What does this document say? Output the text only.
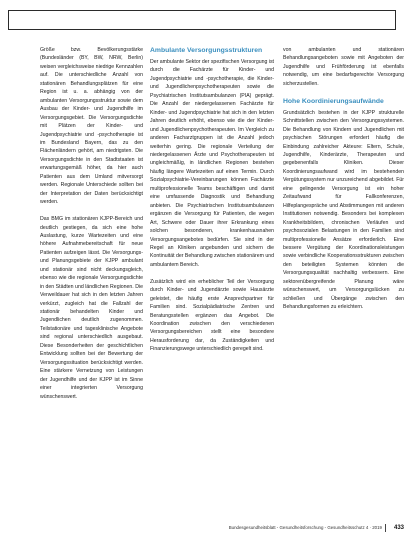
Größe bzw. Bevölkerungsstärke (Bundesländer (BY, BW, NRW, Berlin) weisen vergleichsweise niedrige Kennzahlen auf. Die unterschiedliche Anzahl von stationären Behandlungsplätzen für eine Region ist u. a. abhängig von der ambulanten Versorgungsstruktur sowie dem Ausbau der Kinder- und Jugendhilfe im Versorgungsgebiet. Die Versorgungsdichte mit Plätzen der Kinder- und Jugendpsychiatrie und -psychotherapie ist im Bundesland Bayern, das zu den Flächenländern gehört, am niedrigsten. Die Versorgungsdichte in den Stadtstaaten ist erwartungsgemäß höher, da hier auch Patienten aus dem Umland mitversorgt werden. Regionale Unterschiede sollten bei der Interpretation der Daten berücksichtigt werden.

Das BMG im stationären KJPP-Bereich und deutlich gestiegen, da sich eine hohe Auslastung, kurze Wartezeiten und eine höhere Aufnahmebereitschaft für neue Patienten aufzeigen lässt. Die Versorgungs- und Planungsgebiete der KJPP ambulant und stationär sind nicht deckungsgleich, ebenso wie die regionale Versorgungsdichte in den Städten und ländlichen Regionen. Die Verweildauer hat sich in den letzten Jahren verkürzt, zugleich hat die Fallzahl der stationär behandelten Kinder und Jugendlichen deutlich zugenommen. Teilstationäre und tagesklinische Angebote sind regional unterschiedlich ausgebaut. Diese Besonderheiten der geschichtlichen Entwicklung sollten bei der Bewertung der Versorgungssituation berücksichtigt werden. Eine stärkere Vernetzung von Leistungen der Jugendhilfe und der KJPP ist im Sinne einer integrierten Versorgung wünschenswert.

Ambulante Versorgungsstrukturen

Der ambulante Sektor der spezifischen Versorgung ist durch die Fachärzte für Kinder- und Jugendpsychiatrie und -psychotherapie, die Kinder- und Jugendlichenpsychotherapeuten sowie die Psychiatrischen Institutsambulanzen (PIA) geprägt. Die Anzahl der niedergelassenen Fachärzte für Kinder- und Jugendpsychiatrie hat sich in den letzten Jahren deutlich erhöht, ebenso wie die der Kinder- und Jugendlichenpsychotherapeuten. Im Vergleich zu anderen Facharztgruppen ist die Anzahl jedoch weiterhin gering. Die regionale Verteilung der niedergelassenen Ärzte und Psychotherapeuten ist ungleichmäßig, in ländlichen Regionen bestehen häufig längere Wartezeiten auf einen Termin. Durch Sozialpsychiatrie-Vereinbarungen können Fachärzte multiprofessionelle Teams beschäftigen und damit eine umfassende Diagnostik und Behandlung anbieten. Die Psychiatrischen Institutsambulanzen ergänzen die Versorgung für Patienten, die wegen Art, Schwere oder Dauer ihrer Erkrankung eines solchen besonderen, krankenhausnahen Versorgungsangebotes bedürfen. Sie sind in der Regel an Kliniken angebunden und sichern die Kontinuität der Behandlung zwischen stationärem und ambulantem Bereich.

Zusätzlich wird ein erheblicher Teil der Versorgung durch Kinder- und Jugendärzte sowie Hausärzte geleistet, die häufig erste Ansprechpartner für Familien sind. Sozialpädiatrische Zentren und Beratungsstellen ergänzen das Angebot. Die Koordination zwischen den verschiedenen Versorgungsbereichen stellt eine besondere Herausforderung dar, da Zuständigkeiten und Finanzierungswege unterschiedlich geregelt sind.

von ambulanten und stationären Behandlungsangeboten sowie mit Angeboten der Jugendhilfe und Frühförderung ist ebenfalls notwendig, um eine bedarfsgerechte Versorgung sicherzustellen.

Hohe Koordinierungsaufwände

Grundsätzlich bestehen in der KJPP strukturelle Schnittstellen zwischen den Versorgungssystemen. Die Behandlung von Kindern und Jugendlichen mit psychischen Störungen erfordert häufig die Einbindung zahlreicher Akteure: Eltern, Schule, Jugendhilfe, Kinderärzte, Therapeuten und gegebenenfalls Kliniken. Dieser Koordinierungsaufwand wird im bestehenden Vergütungssystem nur unzureichend abgebildet. Für eine gelingende Versorgung ist ein hoher Zeitaufwand für Fallkonferenzen, Hilfeplangespräche und Abstimmungen mit anderen Institutionen notwendig. Besonders bei komplexen Krankheitsbildern, chronischen Verläufen und psychosozialen Belastungen in den Familien sind multiprofessionelle Ansätze erforderlich. Eine bessere Vergütung der Koordinationsleistungen sowie verbindliche Kooperationsstrukturen zwischen den beteiligten Systemen könnten die Versorgungsqualität nachhaltig verbessern. Eine sektorenübergreifende Planung wäre wünschenswert, um Versorgungslücken zu schließen und Übergänge zwischen den Behandlungsformen zu erleichtern.

Bundesgesundheitsblatt - Gesundheitsforschung - Gesundheitsschutz 4 · 2019 433
